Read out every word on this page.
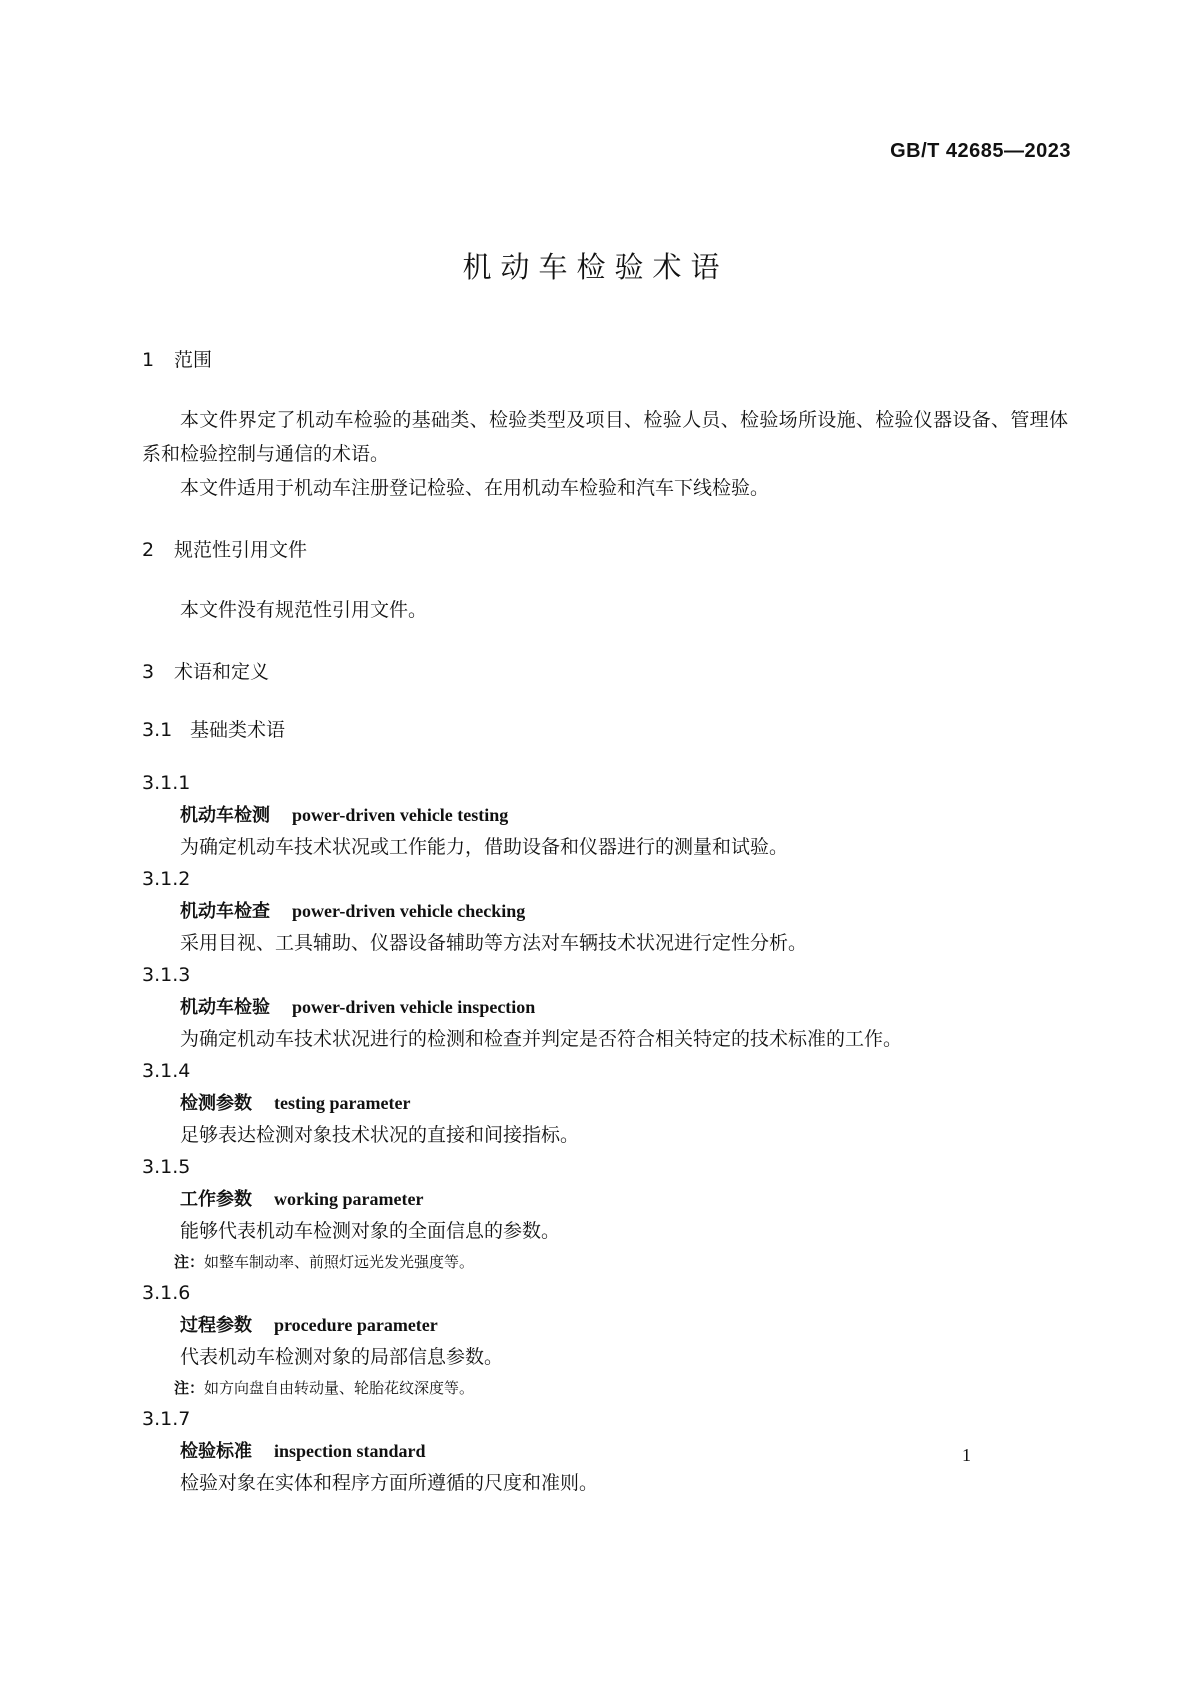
GB/T 42685—2023
机动车检验术语
1 范围
本文件界定了机动车检验的基础类、检验类型及项目、检验人员、检验场所设施、检验仪器设备、管理体系和检验控制与通信的术语。
本文件适用于机动车注册登记检验、在用机动车检验和汽车下线检验。
2 规范性引用文件
本文件没有规范性引用文件。
3 术语和定义
3.1 基础类术语
3.1.1
机动车检测 power-driven vehicle testing
为确定机动车技术状况或工作能力，借助设备和仪器进行的测量和试验。
3.1.2
机动车检查 power-driven vehicle checking
采用目视、工具辅助、仪器设备辅助等方法对车辆技术状况进行定性分析。
3.1.3
机动车检验 power-driven vehicle inspection
为确定机动车技术状况进行的检测和检查并判定是否符合相关特定的技术标准的工作。
3.1.4
检测参数 testing parameter
足够表达检测对象技术状况的直接和间接指标。
3.1.5
工作参数 working parameter
能够代表机动车检测对象的全面信息的参数。
注：如整车制动率、前照灯远光发光强度等。
3.1.6
过程参数 procedure parameter
代表机动车检测对象的局部信息参数。
注：如方向盘自由转动量、轮胎花纹深度等。
3.1.7
检验标准 inspection standard
检验对象在实体和程序方面所遵循的尺度和准则。
1
